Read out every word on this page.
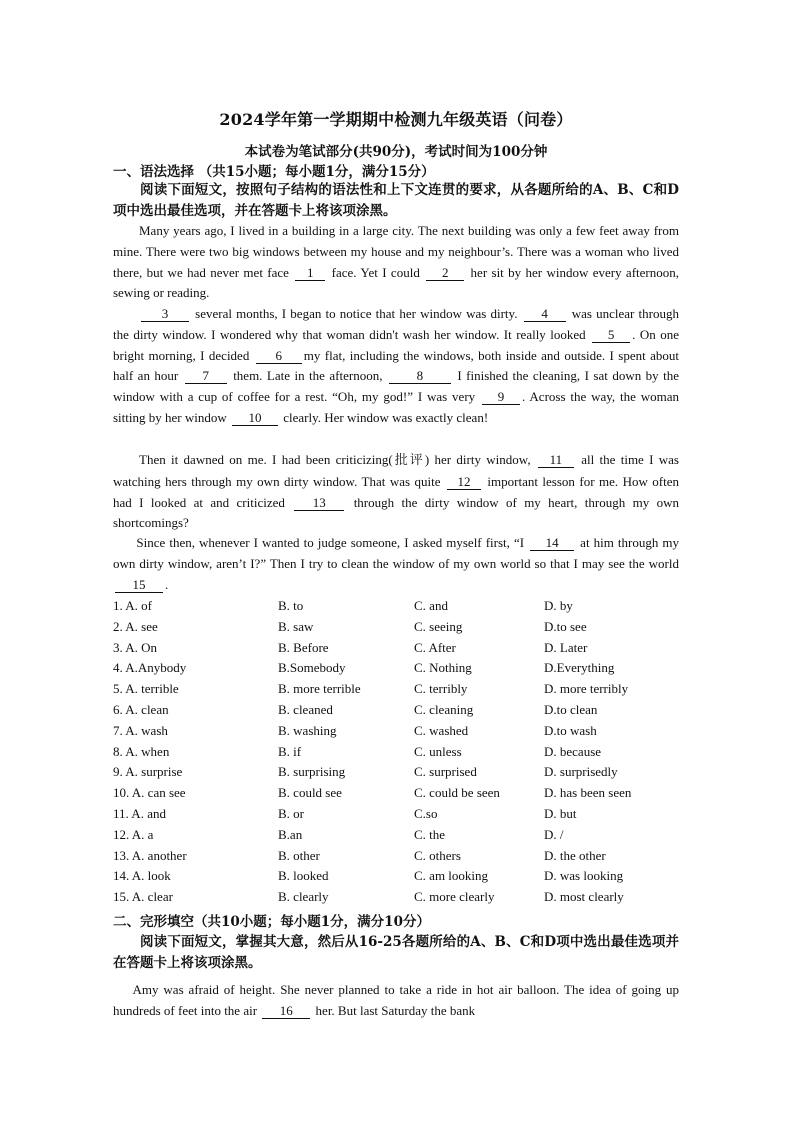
2024学年第一学期期中检测九年级英语（问卷）
本试卷为笔试部分(共90分)，考试时间为100分钟
一、语法选择 （共15小题；每小题1分，满分15分）
阅读下面短文，按照句子结构的语法性和上下文连贯的要求，从各题所给的A、B、C和D项中选出最佳选项，并在答题卡上将该项涂黑。
Many years ago, I lived in a building in a large city. The next building was only a few feet away from mine. There were two big windows between my house and my neighbour’s. There was a woman who lived there, but we had never met face 1 face. Yet I could 2 her sit by her window every afternoon, sewing or reading.
3 several months, I began to notice that her window was dirty. 4 was unclear through the dirty window. I wondered why that woman didn't wash her window. It really looked 5 . On one bright morning, I decided 6 my flat, including the windows, both inside and outside. I spent about half an hour 7 them. Late in the afternoon,	8	I finished the cleaning, I sat down by the window with a cup of coffee for a rest. “Oh, my god!” I was very 9 . Across the way, the woman sitting by her window 10 clearly. Her window was exactly clean!
Then it dawned on me. I had been criticizing(批评) her dirty window, 11 all the time I was watching hers through my own dirty window. That was quite 12 important lesson for me. How often had I looked at and criticized 13 through the dirty window of my heart, through my own shortcomings?
Since then, whenever I wanted to judge someone, I asked myself first, “I 14 at him through my own dirty window, aren’t I?” Then I try to clean the window of my own world so that I may see the world 15 .
1. A. of	B. to	C. and	D. by
2. A. see	B. saw	C. seeing	D.to see
3. A. On	B. Before	C. After	D. Later
4. A.Anybody	B.Somebody	C. Nothing	D.Everything
5. A. terrible	B. more terrible	C. terribly	D. more terribly
6. A. clean	B. cleaned	C. cleaning	D.to clean
7. A. wash	B. washing	C. washed	D.to wash
8. A. when	B. if	C. unless	D. because
9. A. surprise	B. surprising	C. surprised	D. surprisedly
10. A. can see	B. could see	C. could be seen	D. has been seen
11. A. and	B. or	C.so	D. but
12. A. a	B.an	C. the	D. /
13. A. another	B. other	C. others	D. the other
14. A. look	B. looked	C. am looking	D. was looking
15. A. clear	B. clearly	C. more clearly	D. most clearly
二、完形填空（共10小题；每小题1分，满分10分）
阅读下面短文，掌握其大意，然后从16-25各题所给的A、B、C和D项中选出最佳选项并在答题卡上将该项涂黑。
Amy was afraid of height. She never planned to take a ride in hot air balloon. The idea of going up hundreds of feet into the air 16 her. But last Saturday the bank
